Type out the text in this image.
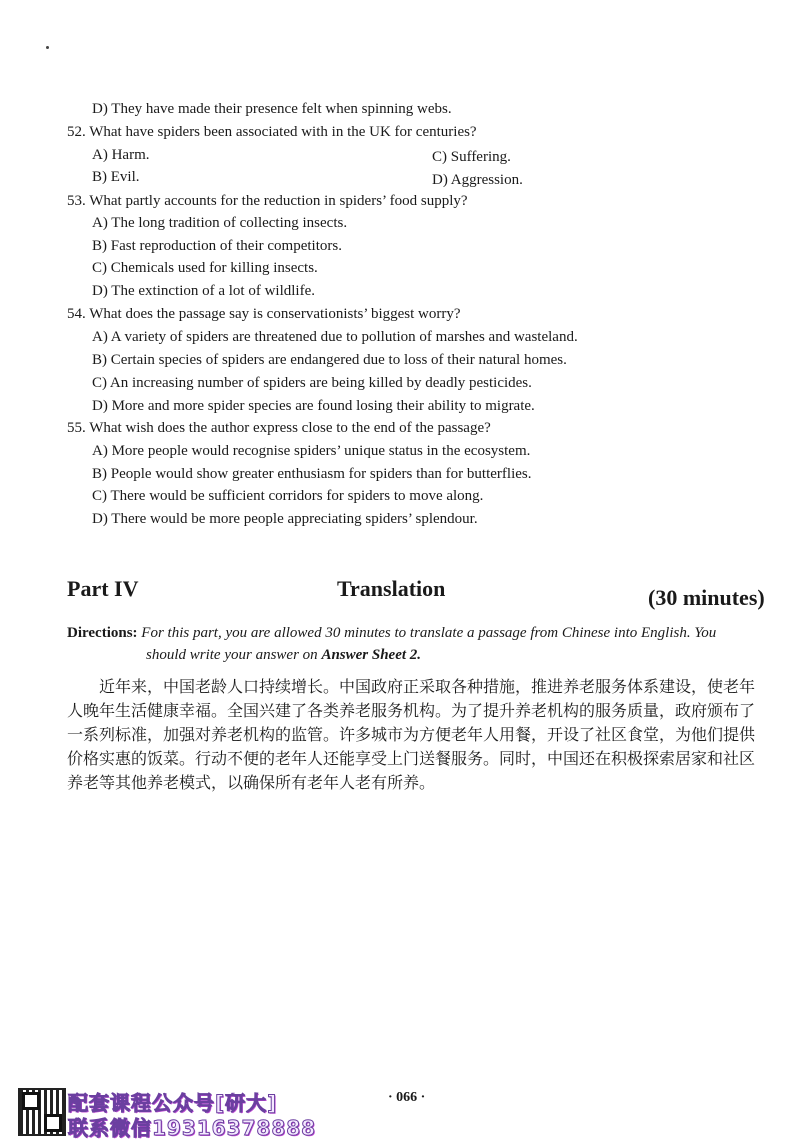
D) They have made their presence felt when spinning webs.
52. What have spiders been associated with in the UK for centuries?
A) Harm.	C) Suffering.
B) Evil.	D) Aggression.
53. What partly accounts for the reduction in spiders’ food supply?
A) The long tradition of collecting insects.
B) Fast reproduction of their competitors.
C) Chemicals used for killing insects.
D) The extinction of a lot of wildlife.
54. What does the passage say is conservationists’ biggest worry?
A) A variety of spiders are threatened due to pollution of marshes and wasteland.
B) Certain species of spiders are endangered due to loss of their natural homes.
C) An increasing number of spiders are being killed by deadly pesticides.
D) More and more spider species are found losing their ability to migrate.
55. What wish does the author express close to the end of the passage?
A) More people would recognise spiders’ unique status in the ecosystem.
B) People would show greater enthusiasm for spiders than for butterflies.
C) There would be sufficient corridors for spiders to move along.
D) There would be more people appreciating spiders’ splendour.
Part IV	Translation	(30 minutes)
Directions: For this part, you are allowed 30 minutes to translate a passage from Chinese into English. You
should write your answer on Answer Sheet 2.
　　近年来，中国老龄人口持续增长。中国政府正采取各种措施，推进养老服务体系建设，使老年
人晚年生活健康幸福。全国兴建了各类养老服务机构。为了提升养老机构的服务质量，政府颁布了
一系列标准，加强对养老机构的监管。许多城市为方便老年人用餐，开设了社区食堂，为他们提供
价格实惠的饭菜。行动不便的老年人还能享受上门送餐服务。同时，中国还在积极探索居家和社区
养老等其他养老模式，以确保所有老年人老有所养。
· 066 ·
配套课程公众号[研大]
联系微信19316378888
